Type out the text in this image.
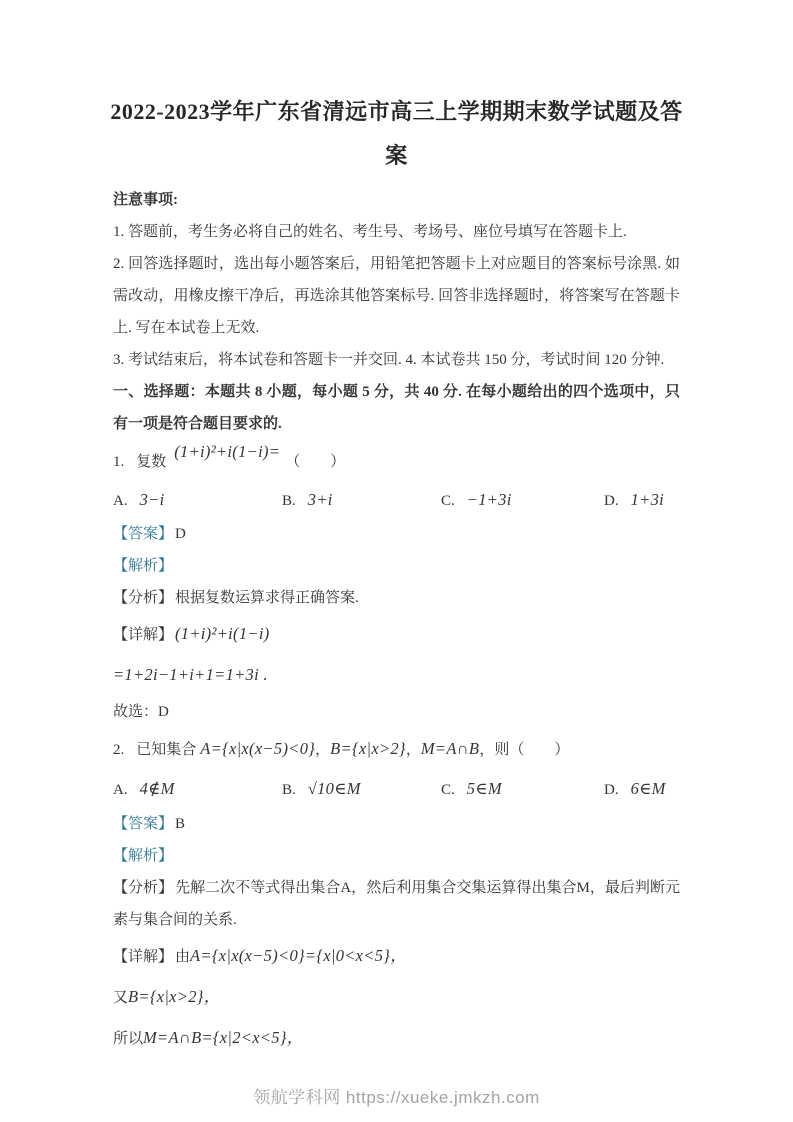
2022-2023学年广东省清远市高三上学期期末数学试题及答案

注意事项:

1. 答题前，考生务必将自己的姓名、考生号、考场号、座位号填写在答题卡上.

2. 回答选择题时，选出每小题答案后，用铅笔把答题卡上对应题目的答案标号涂黑. 如需改动，用橡皮擦干净后，再选涂其他答案标号. 回答非选择题时，将答案写在答题卡上. 写在本试卷上无效.

3. 考试结束后，将本试卷和答题卡一并交回. 4. 本试卷共 150 分，考试时间 120 分钟.

一、选择题：本题共 8 小题，每小题 5 分，共 40 分. 在每小题给出的四个选项中，只有一项是符合题目要求的.

1. 复数(1+i)²+i(1−i)=（　　）

A. 3−i	B. 3+i	C. −1+3i	D. 1+3i

【答案】 D

【解析】

【分析】 根据复数运算求得正确答案.

【详解】 (1+i)²+i(1−i)

=1+2i−1+i+1=1+3i .

故选：D

2. 已知集合 A={x|x(x−5)<0}，B={x|x>2}，M=A∩B，则（　　）

A. 4∉M	B. √10∈M	C. 5∈M	D. 6∈M

【答案】 B

【解析】

【分析】 先解二次不等式得出集合A，然后利用集合交集运算得出集合M，最后判断元素与集合间的关系.

【详解】 由A={x|x(x−5)<0}={x|0<x<5}，

又B={x|x>2}，

所以M=A∩B={x|2<x<5}，

领航学科网 https://xueke.jmkzh.com
